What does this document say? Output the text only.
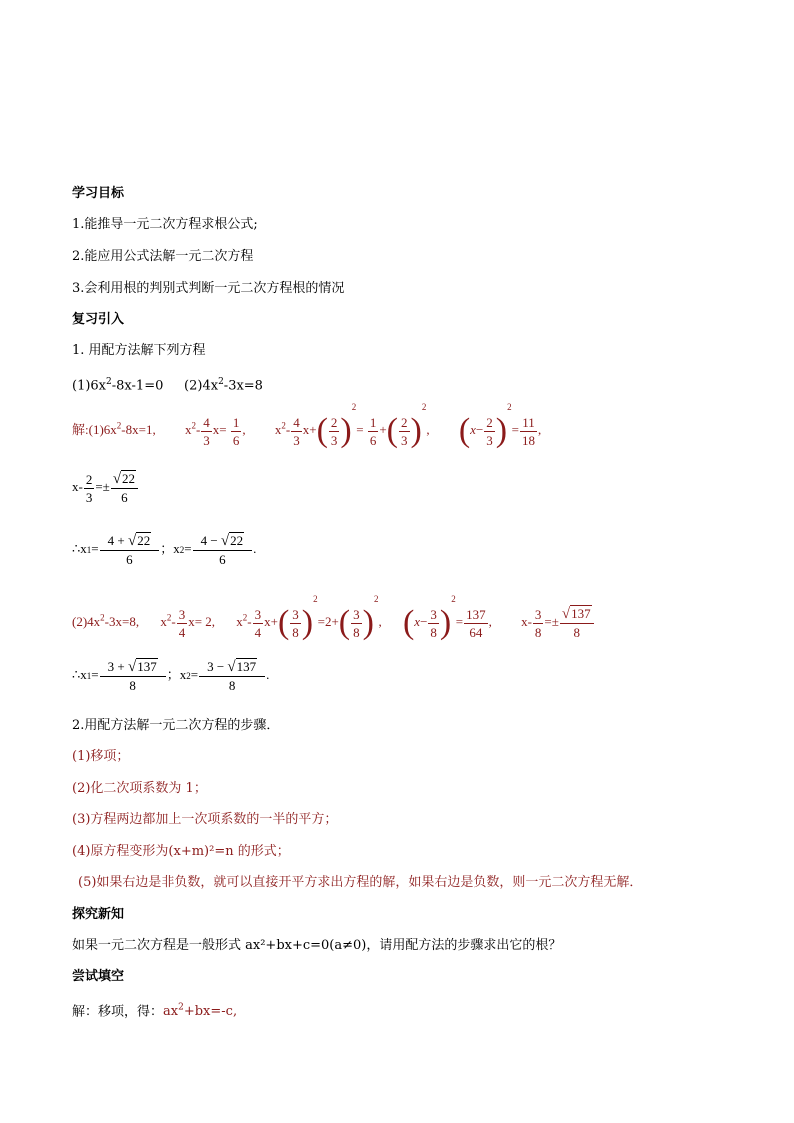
学习目标
1.能推导一元二次方程求根公式;
2.能应用公式法解一元二次方程
3.会利用根的判别式判断一元二次方程根的情况
复习引入
1. 用配方法解下列方程
$(1)6x^2-8x-1=0$ $(2)4x^2-3x=8$
解$:(1)6x^2-8x=1$, $x^2- \frac{4}{3} x= \frac{1}{6}$ , $x^2- \frac{4}{3} x+( \frac{2}{3} )^2= \frac{1}{6}$ +( $\frac{2}{3} )^2$, $(x- \frac{2}{3} )^2= \frac{11}{18}$ ,
$x- \frac{2}{3} =\pm \frac{√22}{6}$
∴x1= $\frac{4 + √22}{6}$ ；$x2= \frac{4 - √22}{6}$ .
$(2)4x^2-3x=8$, $x^2- \frac{3}{4} x= 2$, $x^2- \frac{3}{4} x+( \frac{3}{8} )^2=2+( \frac{3}{8} )^2$, $(x- \frac{3}{8} )^2= \frac{137}{64}$ , $x- \frac{3}{8} =\pm \frac{√137}{8}$
∴x1= $\frac{3 + √137}{8}$ ；$x2= \frac{3 - √137}{8}$ .
2.用配方法解一元二次方程的步骤．
(1)移项；
(2)化二次项系数为 1；
(3)方程两边都加上一次项系数的一半的平方；
(4)原方程变形为(x+m)²=n 的形式；
(5)如果右边是非负数，就可以直接开平方求出方程的解，如果右边是负数，则一元二次方程无解．
探究新知
如果一元二次方程是一般形式 ax²+bx+c=0(a≠0)，请用配方法的步骤求出它的根？
尝试填空
解：移项，得：$ax^2+bx=-c$,
